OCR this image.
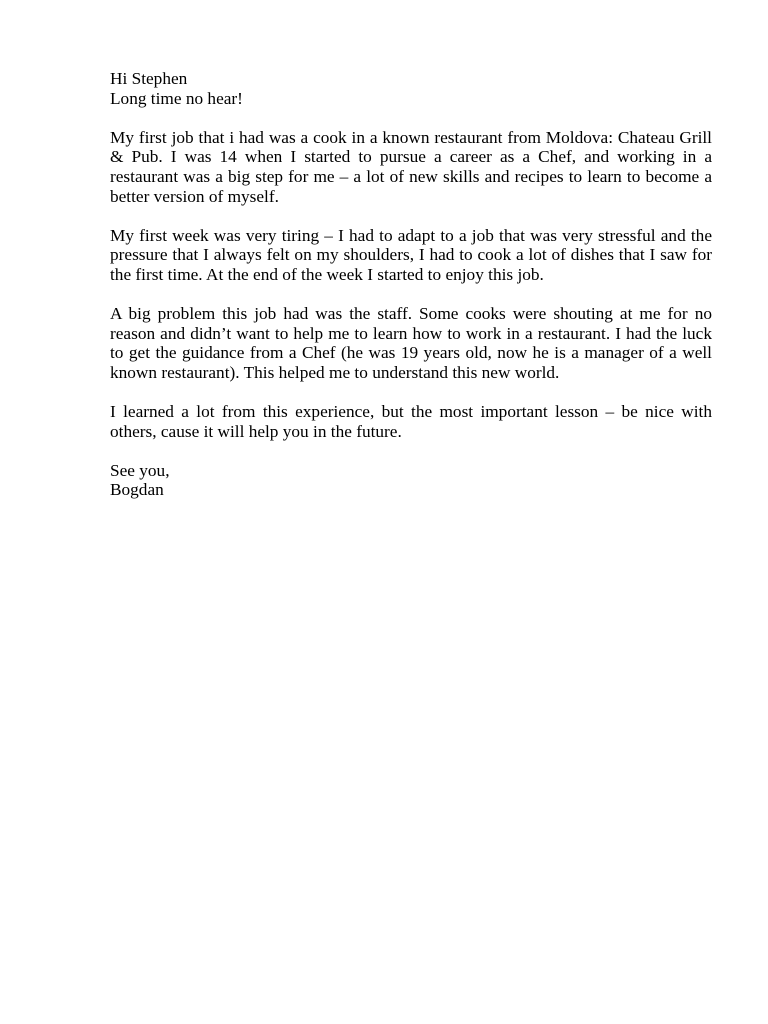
Hi Stephen
Long time no hear!

My first job that i had was a cook in a known restaurant from Moldova: Chateau Grill & Pub. I was 14 when I started to pursue a career as a Chef, and working in a restaurant was a big step for me – a lot of new skills and recipes to learn to become a better version of myself.

My first week was very tiring – I had to adapt to a job that was very stressful and the pressure that I always felt on my shoulders, I had to cook a lot of dishes that I saw for the first time. At the end of the week I started to enjoy this job.

A big problem this job had was the staff. Some cooks were shouting at me for no reason and didn’t want to help me to learn how to work in a restaurant. I had the luck to get the guidance from a Chef (he was 19 years old, now he is a manager of a well known restaurant). This helped me to understand this new world.

I learned a lot from this experience, but the most important lesson – be nice with others, cause it will help you in the future.

See you,
Bogdan
